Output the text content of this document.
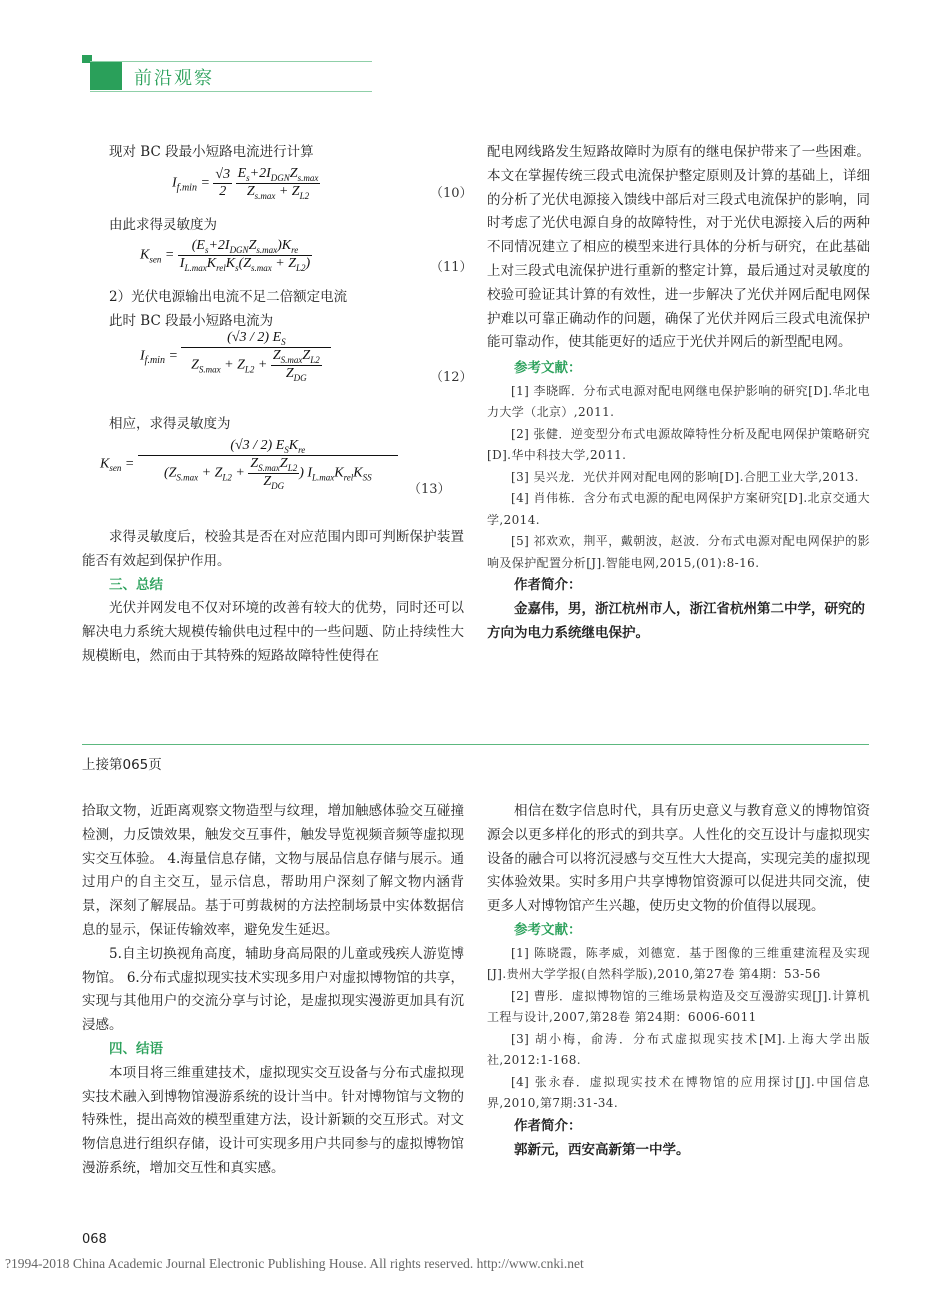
前沿观察

现对 BC 段最小短路电流进行计算

$I_{f.min} = \frac{√3}{2}$
$\frac{E_s+2I_{DGN}Z_{s.max}}{Z_{s.max} + Z_{L2}}$	（10）

由此求得灵敏度为

$K_{sen} = \frac{(E_s+2I_{DGN}Z_{s.max})K_{re}}{I_{L.max}K_{rel}K_s(Z_{s.max} + Z_{L2})}$	（11）

2）光伏电源输出电流不足二倍额定电流

此时 BC 段最小短路电流为

$I_{f.min} = \frac{(√3 / 2) E_S}{Z_{S.max} + Z_{L2} + \frac{Z_{S.max}Z_{L2}}{Z_{DG}}}$	（12）

相应，求得灵敏度为

$K_{sen} = \frac{(√3 / 2) E_SK_{re}}{(Z_{S.max} + Z_{L2} + \frac{Z_{S.max}Z_{L2}}{Z_{DG}} ) I_{L.max}K_{rel}K_{SS}} (13)$

求得灵敏度后，校验其是否在对应范围内即可判断保护装置能否有效起到保护作用。

三、总结

光伏并网发电不仅对环境的改善有较大的优势，同时还可以解决电力系统大规模传输供电过程中的一些问题、防止持续性大规模断电，然而由于其特殊的短路故障特性使得在

配电网线路发生短路故障时为原有的继电保护带来了一些困难。本文在掌握传统三段式电流保护整定原则及计算的基础上，详细的分析了光伏电源接入馈线中部后对三段式电流保护的影响，同时考虑了光伏电源自身的故障特性，对于光伏电源接入后的两种不同情况建立了相应的模型来进行具体的分析与研究，在此基础上对三段式电流保护进行重新的整定计算，最后通过对灵敏度的校验可验证其计算的有效性，进一步解决了光伏并网后配电网保护难以可靠正确动作的问题，确保了光伏并网后三段式电流保护能可靠动作，使其能更好的适应于光伏并网后的新型配电网。

参考文献：

[1] 李晓晖．分布式电源对配电网继电保护影响的研究[D].华北电力大学（北京）,2011.

[2] 张健．逆变型分布式电源故障特性分析及配电网保护策略研究[D].华中科技大学,2011.

[3] 吴兴龙．光伏并网对配电网的影响[D].合肥工业大学,2013.

[4] 肖伟栋．含分布式电源的配电网保护方案研究[D].北京交通大学,2014.

[5] 祁欢欢，荆平，戴朝波，赵波．分布式电源对配电网保护的影响及保护配置分析[J].智能电网,2015,(01):8-16.

作者简介：

金嘉伟，男，浙江杭州市人，浙江省杭州第二中学，研究的方向为电力系统继电保护。

上接第065页

拾取文物，近距离观察文物造型与纹理，增加触感体验交互碰撞检测，力反馈效果，触发交互事件，触发导览视频音频等虚拟现实交互体验。 4.海量信息存储，文物与展品信息存储与展示。通过用户的自主交互，显示信息，帮助用户深刻了解文物内涵背景，深刻了解展品。基于可剪裁树的方法控制场景中实体数据信息的显示，保证传输效率，避免发生延迟。

5.自主切换视角高度，辅助身高局限的儿童或残疾人游览博物馆。 6.分布式虚拟现实技术实现多用户对虚拟博物馆的共享，实现与其他用户的交流分享与讨论，是虚拟现实漫游更加具有沉浸感。

四、结语

本项目将三维重建技术，虚拟现实交互设备与分布式虚拟现实技术融入到博物馆漫游系统的设计当中。针对博物馆与文物的特殊性，提出高效的模型重建方法，设计新颖的交互形式。对文物信息进行组织存储，设计可实现多用户共同参与的虚拟博物馆漫游系统，增加交互性和真实感。

相信在数字信息时代，具有历史意义与教育意义的博物馆资源会以更多样化的形式的到共享。人性化的交互设计与虚拟现实设备的融合可以将沉浸感与交互性大大提高，实现完美的虚拟现实体验效果。实时多用户共享博物馆资源可以促进共同交流，使更多人对博物馆产生兴趣，使历史文物的价值得以展现。

参考文献：

[1] 陈晓霞，陈孝威，刘德宽．基于图像的三维重建流程及实现[J].贵州大学学报(自然科学版),2010,第27卷 第4期：53-56

[2] 曹彤．虚拟博物馆的三维场景构造及交互漫游实现[J].计算机工程与设计,2007,第28卷 第24期：6006-6011

[3] 胡小梅，俞涛．分布式虚拟现实技术[M].上海大学出版社,2012:1-168.

[4] 张永春．虚拟现实技术在博物馆的应用探讨[J].中国信息界,2010,第7期:31-34.

作者简介：

郭新元，西安高新第一中学。

068
?1994-2018 China Academic Journal Electronic Publishing House. All rights reserved. http://www.cnki.net
